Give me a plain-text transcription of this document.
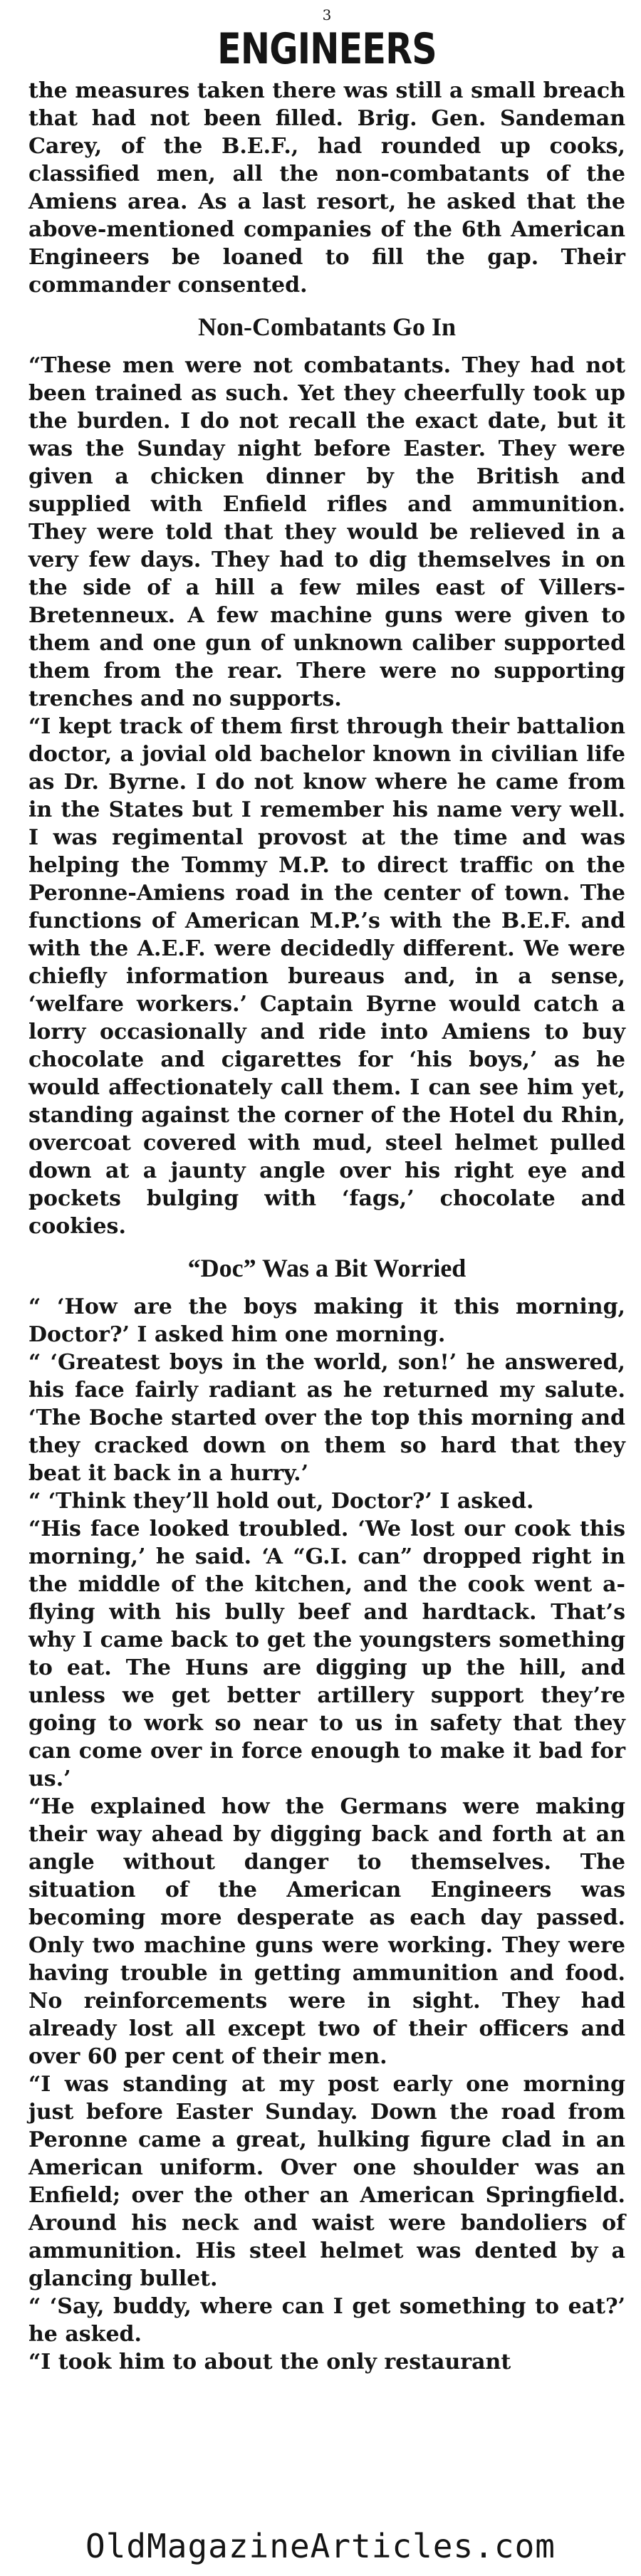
3
ENGINEERS

the measures taken there was still a small breach that had not been filled. Brig. Gen. Sandeman Carey, of the B.E.F., had rounded up cooks, classified men, all the non-combatants of the Amiens area. As a last resort, he asked that the above-mentioned companies of the 6th American Engineers be loaned to fill the gap. Their commander consented.

Non-Combatants Go In

“These men were not combatants. They had not been trained as such. Yet they cheerfully took up the burden. I do not recall the exact date, but it was the Sunday night before Easter. They were given a chicken dinner by the British and supplied with Enfield rifles and ammunition. They were told that they would be relieved in a very few days. They had to dig themselves in on the side of a hill a few miles east of Villers-Bretenneux. A few machine guns were given to them and one gun of unknown caliber supported them from the rear. There were no supporting trenches and no supports.

“I kept track of them first through their battalion doctor, a jovial old bachelor known in civilian life as Dr. Byrne. I do not know where he came from in the States but I remember his name very well. I was regimental provost at the time and was helping the Tommy M.P. to direct traffic on the Peronne-Amiens road in the center of town. The functions of American M.P.’s with the B.E.F. and with the A.E.F. were decidedly different. We were chiefly information bureaus and, in a sense, ‘welfare workers.’ Captain Byrne would catch a lorry occasionally and ride into Amiens to buy chocolate and cigarettes for ‘his boys,’ as he would affectionately call them. I can see him yet, standing against the corner of the Hotel du Rhin, overcoat covered with mud, steel helmet pulled down at a jaunty angle over his right eye and pockets bulging with ‘fags,’ chocolate and cookies.

“Doc” Was a Bit Worried

“ ‘How are the boys making it this morning, Doctor?’ I asked him one morning.

“ ‘Greatest boys in the world, son!’ he answered, his face fairly radiant as he returned my salute. ‘The Boche started over the top this morning and they cracked down on them so hard that they beat it back in a hurry.’

“ ‘Think they’ll hold out, Doctor?’ I asked.

“His face looked troubled. ‘We lost our cook this morning,’ he said. ‘A “G.I. can” dropped right in the middle of the kitchen, and the cook went a-flying with his bully beef and hardtack. That’s why I came back to get the youngsters something to eat. The Huns are digging up the hill, and unless we get better artillery support they’re going to work so near to us in safety that they can come over in force enough to make it bad for us.’

“He explained how the Germans were making their way ahead by digging back and forth at an angle without danger to themselves. The situation of the American Engineers was becoming more desperate as each day passed. Only two machine guns were working. They were having trouble in getting ammunition and food. No reinforcements were in sight. They had already lost all except two of their officers and over 60 per cent of their men.

“I was standing at my post early one morning just before Easter Sunday. Down the road from Peronne came a great, hulking figure clad in an American uniform. Over one shoulder was an Enfield; over the other an American Springfield. Around his neck and waist were bandoliers of ammunition. His steel helmet was dented by a glancing bullet.

“ ‘Say, buddy, where can I get something to eat?’ he asked.

“I took him to about the only restaurant

OldMagazineArticles.com
